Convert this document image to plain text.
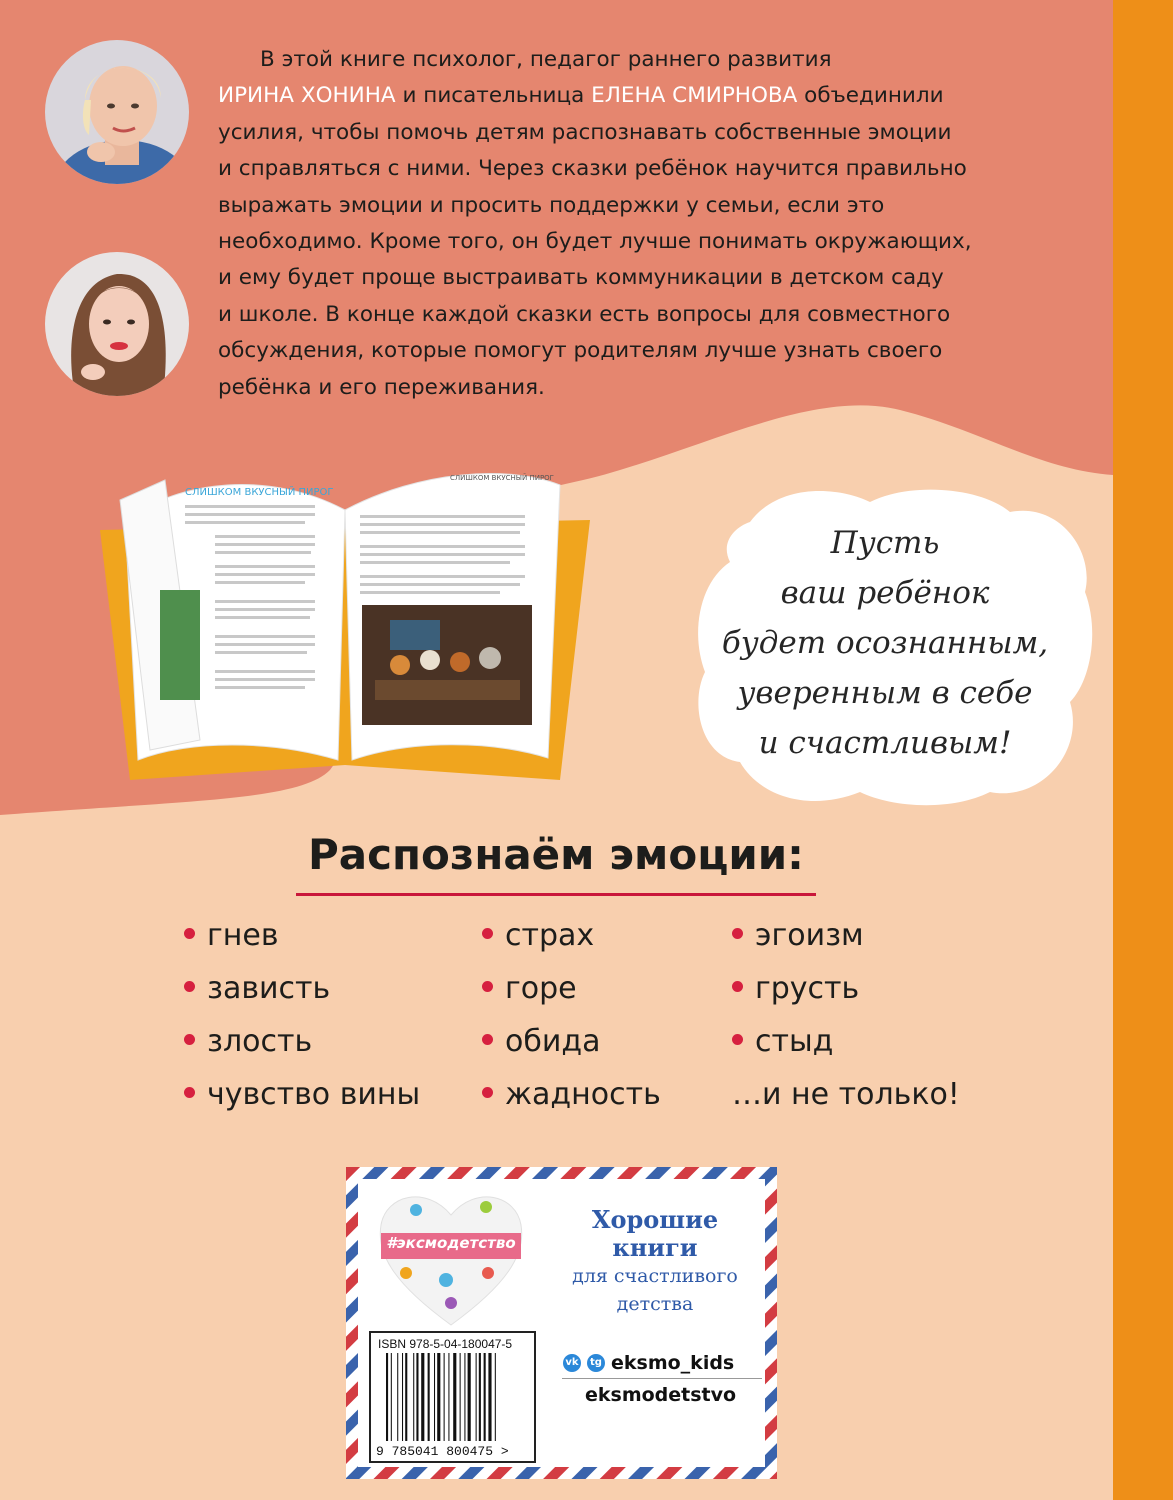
В этой книге психолог, педагог раннего развития
ИРИНА ХОНИНА и писательница ЕЛЕНА СМИРНОВА объединили
усилия, чтобы помочь детям распознавать собственные эмоции
и справляться с ними. Через сказки ребёнок научится правильно
выражать эмоции и просить поддержки у семьи, если это
необходимо. Кроме того, он будет лучше понимать окружающих,
и ему будет проще выстраивать коммуникации в детском саду
и школе. В конце каждой сказки есть вопросы для совместного
обсуждения, которые помогут родителям лучше узнать своего
ребёнка и его переживания.
СЛИШКОМ ВКУСНЫЙ ПИРОГ
СЛИШКОМ ВКУСНЫЙ ПИРОГ
Пусть
ваш ребёнок
будет осознанным,
уверенным в себе
и счастливым!
Распознаём эмоции:
гнев
зависть
злость
чувство вины
страх
горе
обида
жадность
эгоизм
грусть
стыд
…и не только!
#эксмодетство
Хорошие
книги
для счастливого
детства
ISBN 978-5-04-180047-5
9 785041 800475 >
vk	tg eksmo_kids
eksmodetstvo
